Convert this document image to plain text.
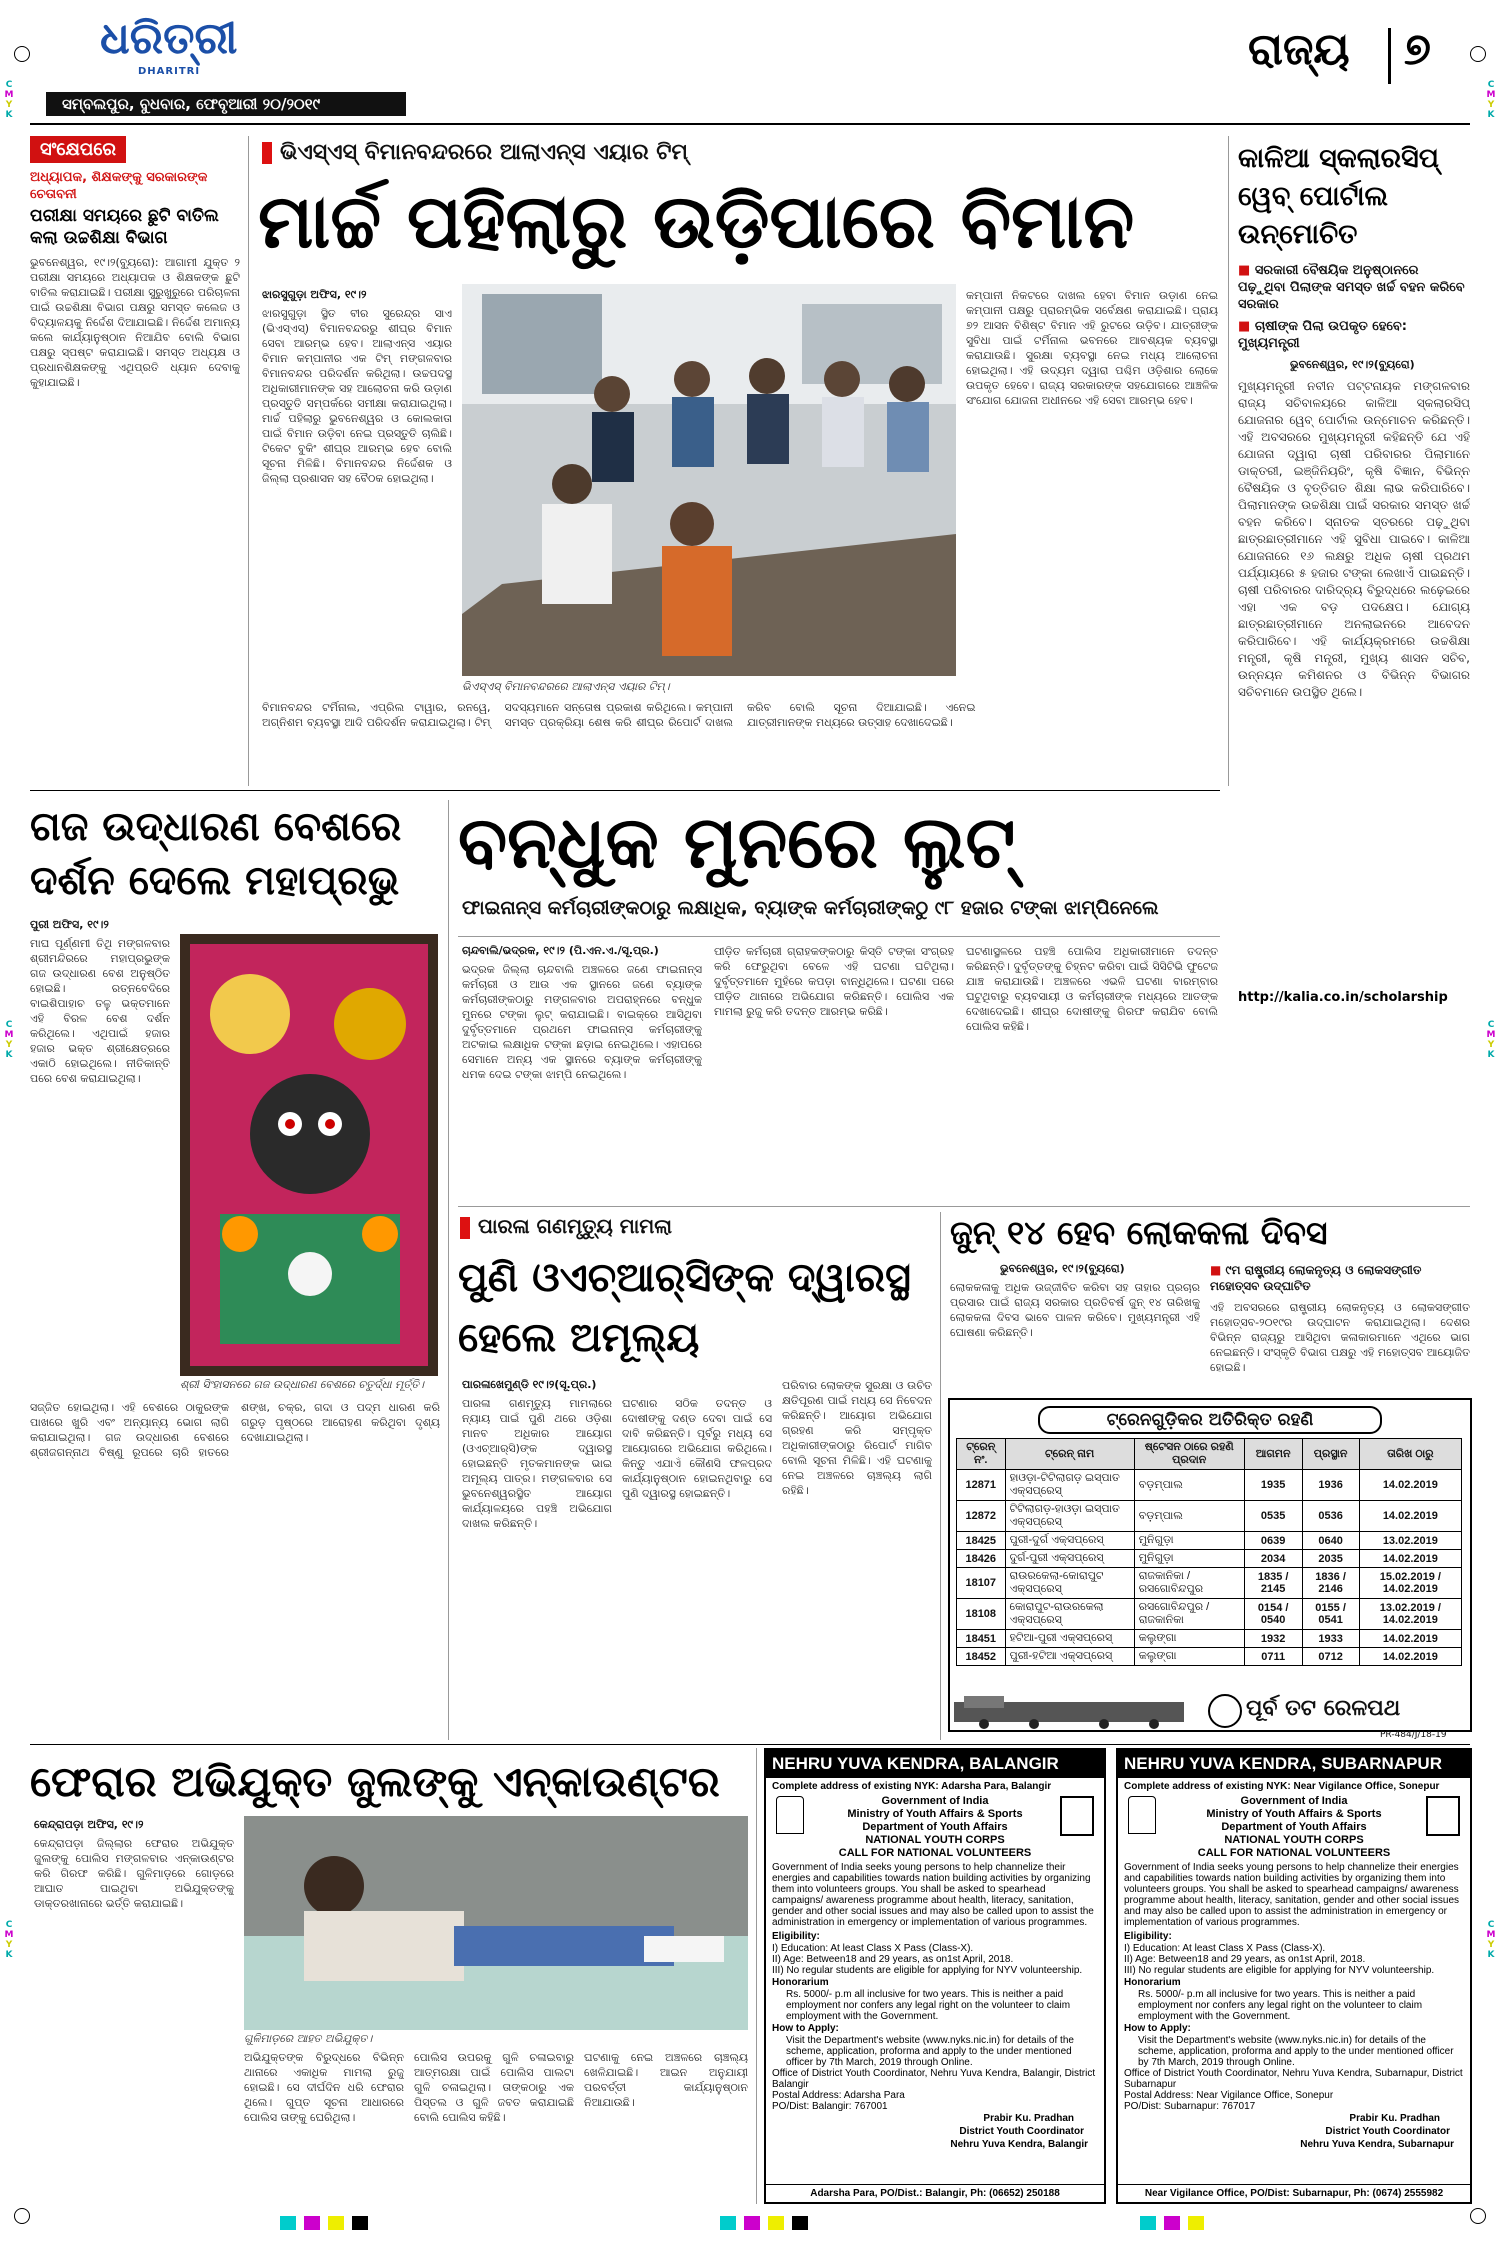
ଧରିତ୍ରୀ
DHARITRI
ସମ୍ବଲପୁର, ବୁଧବାର, ଫେବୃଆରୀ ୨୦/୨୦୧୯
ରାଜ୍ୟ ୭
C
M
Y
K
C
M
Y
K
C
M
Y
K
C
M
Y
K
C
M
Y
K
C
M
Y
K
ସଂକ୍ଷେପରେ
ଅଧ୍ୟାପକ, ଶିକ୍ଷକଙ୍କୁ ସରକାରଙ୍କ ଚେତାବନୀ
ପରୀକ୍ଷା ସମୟରେ ଛୁଟି ବାତିଲ କଲା ଉଚ୍ଚଶିକ୍ଷା ବିଭାଗ
ଭୁବନେଶ୍ୱର, ୧୯।୨(ବ୍ୟୁରୋ): ଆଗାମୀ ଯୁକ୍ତ ୨ ପରୀକ୍ଷା ସମୟରେ ଅଧ୍ୟାପକ ଓ ଶିକ୍ଷକଙ୍କ ଛୁଟି ବାତିଲ କରାଯାଇଛି। ପରୀକ୍ଷା ସୁରୁଖୁରୁରେ ପରିଚାଳନା ପାଇଁ ଉଚ୍ଚଶିକ୍ଷା ବିଭାଗ ପକ୍ଷରୁ ସମସ୍ତ କଲେଜ ଓ ବିଦ୍ୟାଳୟକୁ ନିର୍ଦ୍ଦେଶ ଦିଆଯାଇଛି। ନିର୍ଦ୍ଦେଶ ଅମାନ୍ୟ କଲେ କାର୍ଯ୍ୟାନୁଷ୍ଠାନ ନିଆଯିବ ବୋଲି ବିଭାଗ ପକ୍ଷରୁ ସ୍ପଷ୍ଟ କରାଯାଇଛି। ସମସ୍ତ ଅଧ୍ୟକ୍ଷ ଓ ପ୍ରଧାନଶିକ୍ଷକଙ୍କୁ ଏଥିପ୍ରତି ଧ୍ୟାନ ଦେବାକୁ କୁହାଯାଇଛି।
ଭିଏସ୍‌ଏସ୍ ବିମାନବନ୍ଦରରେ ଆଲାଏନ୍ସ ଏୟାର ଟିମ୍
ମାର୍ଚ୍ଚ ପହିଲାରୁ ଉଡ଼ିପାରେ ବିମାନ
ଝାରସୁଗୁଡ଼ା ଅଫିସ, ୧୯।୨
ଝାରସୁଗୁଡ଼ା ସ୍ଥିତ ବୀର ସୁରେନ୍ଦ୍ର ସାଏ (ଭିଏସ୍‌ଏସ୍) ବିମାନବନ୍ଦରରୁ ଶୀଘ୍ର ବିମାନ ସେବା ଆରମ୍ଭ ହେବ। ଆଲାଏନ୍ସ ଏୟାର ବିମାନ କମ୍ପାନୀର ଏକ ଟିମ୍ ମଙ୍ଗଳବାର ବିମାନବନ୍ଦର ପରିଦର୍ଶନ କରିଥିଲା। ଉଚ୍ଚପଦସ୍ଥ ଅଧିକାରୀମାନଙ୍କ ସହ ଆଲୋଚନା କରି ଉଡ଼ାଣ ପ୍ରସ୍ତୁତି ସମ୍ପର୍କରେ ସମୀକ୍ଷା କରାଯାଇଥିଲା। ମାର୍ଚ୍ଚ ପହିଲାରୁ ଭୁବନେଶ୍ୱର ଓ କୋଲକାତା ପାଇଁ ବିମାନ ଉଡ଼ିବା ନେଇ ପ୍ରସ୍ତୁତି ଚାଲିଛି। ଟିକେଟ ବୁକିଂ ଶୀଘ୍ର ଆରମ୍ଭ ହେବ ବୋଲି ସୂଚନା ମିଳିଛି। ବିମାନବନ୍ଦର ନିର୍ଦ୍ଦେଶକ ଓ ଜିଲ୍ଲା ପ୍ରଶାସନ ସହ ବୈଠକ ହୋଇଥିଲା।
ଭିଏସ୍‌ଏସ୍ ବିମାନବନ୍ଦରରେ ଆଲାଏନ୍ସ ଏୟାର ଟିମ୍।
କମ୍ପାନୀ ନିକଟରେ ଦାଖଲ ହେବା ବିମାନ ଉଡ଼ାଣ ନେଇ କମ୍ପାନୀ ପକ୍ଷରୁ ପ୍ରାରମ୍ଭିକ ସର୍ବେକ୍ଷଣ କରାଯାଇଛି। ପ୍ରାୟ ୭୨ ଆସନ ବିଶିଷ୍ଟ ବିମାନ ଏହି ରୁଟରେ ଉଡ଼ିବ। ଯାତ୍ରୀଙ୍କ ସୁବିଧା ପାଇଁ ଟର୍ମିନାଲ ଭବନରେ ଆବଶ୍ୟକ ବ୍ୟବସ୍ଥା କରାଯାଉଛି। ସୁରକ୍ଷା ବ୍ୟବସ୍ଥା ନେଇ ମଧ୍ୟ ଆଲୋଚନା ହୋଇଥିଲା। ଏହି ଉଦ୍ୟମ ଦ୍ୱାରା ପଶ୍ଚିମ ଓଡ଼ିଶାର ଲୋକେ ଉପକୃତ ହେବେ। ରାଜ୍ୟ ସରକାରଙ୍କ ସହଯୋଗରେ ଆଞ୍ଚଳିକ ସଂଯୋଗ ଯୋଜନା ଅଧୀନରେ ଏହି ସେବା ଆରମ୍ଭ ହେବ।
ବିମାନବନ୍ଦର ଟର୍ମିନାଲ, ଏପ୍ରିଲ ଟାୱାର, ରନୱେ, ଅଗ୍ନିଶମ ବ୍ୟବସ୍ଥା ଆଦି ପରିଦର୍ଶନ କରାଯାଇଥିଲା। ଟିମ୍ ସଦସ୍ୟମାନେ ସନ୍ତୋଷ ପ୍ରକାଶ କରିଥିଲେ। କମ୍ପାନୀ ସମସ୍ତ ପ୍ରକ୍ରିୟା ଶେଷ କରି ଶୀଘ୍ର ରିପୋର୍ଟ ଦାଖଲ କରିବ ବୋଲି ସୂଚନା ଦିଆଯାଇଛି। ଏନେଇ ଯାତ୍ରୀମାନଙ୍କ ମଧ୍ୟରେ ଉତ୍ସାହ ଦେଖାଦେଇଛି।
କାଳିଆ ସ୍କଲାରସିପ୍ ୱେବ୍ ପୋର୍ଟାଲ ଉନ୍ମୋଚିତ
■ ସରକାରୀ ବୈଷୟିକ ଅନୁଷ୍ଠାନରେ ପଢ଼ୁଥିବା ପିଲାଙ୍କ ସମସ୍ତ ଖର୍ଚ୍ଚ ବହନ କରିବେ ସରକାର
■ ଚାଷୀଙ୍କ ପିଲା ଉପକୃତ ହେବେ: ମୁଖ୍ୟମନ୍ତ୍ରୀ
ଭୁବନେଶ୍ୱର, ୧୯।୨(ବ୍ୟୁରୋ)
ମୁଖ୍ୟମନ୍ତ୍ରୀ ନବୀନ ପଟ୍ଟନାୟକ ମଙ୍ଗଳବାର ରାଜ୍ୟ ସଚିବାଳୟରେ କାଳିଆ ସ୍କଲାରସିପ୍ ଯୋଜନାର ୱେବ୍ ପୋର୍ଟାଲ ଉନ୍ମୋଚନ କରିଛନ୍ତି। ଏହି ଅବସରରେ ମୁଖ୍ୟମନ୍ତ୍ରୀ କହିଛନ୍ତି ଯେ ଏହି ଯୋଜନା ଦ୍ୱାରା ଚାଷୀ ପରିବାରର ପିଲାମାନେ ଡାକ୍ତରୀ, ଇଞ୍ଜିନିୟରିଂ, କୃଷି ବିଜ୍ଞାନ, ବିଭିନ୍ନ ବୈଷୟିକ ଓ ବୃତ୍ତିଗତ ଶିକ୍ଷା ଲାଭ କରିପାରିବେ। ପିଲାମାନଙ୍କ ଉଚ୍ଚଶିକ୍ଷା ପାଇଁ ସରକାର ସମସ୍ତ ଖର୍ଚ୍ଚ ବହନ କରିବେ। ସ୍ନାତକ ସ୍ତରରେ ପଢ଼ୁଥିବା ଛାତ୍ରଛାତ୍ରୀମାନେ ଏହି ସୁବିଧା ପାଇବେ। କାଳିଆ ଯୋଜନାରେ ୧୬ ଲକ୍ଷରୁ ଅଧିକ ଚାଷୀ ପ୍ରଥମ ପର୍ଯ୍ୟାୟରେ ୫ ହଜାର ଟଙ୍କା ଲେଖାଏଁ ପାଇଛନ୍ତି। ଚାଷୀ ପରିବାରର ଦାରିଦ୍ର୍ୟ ବିରୁଦ୍ଧରେ ଲଢ଼େଇରେ ଏହା ଏକ ବଡ଼ ପଦକ୍ଷେପ। ଯୋଗ୍ୟ ଛାତ୍ରଛାତ୍ରୀମାନେ ଅନଲାଇନରେ ଆବେଦନ କରିପାରିବେ। ଏହି କାର୍ଯ୍ୟକ୍ରମରେ ଉଚ୍ଚଶିକ୍ଷା ମନ୍ତ୍ରୀ, କୃଷି ମନ୍ତ୍ରୀ, ମୁଖ୍ୟ ଶାସନ ସଚିବ, ଉନ୍ନୟନ କମିଶନର ଓ ବିଭିନ୍ନ ବିଭାଗର ସଚିବମାନେ ଉପସ୍ଥିତ ଥିଲେ।
http://kalia.co.in/scholarship
ଗଜ ଉଦ୍ଧାରଣ ବେଶରେ ଦର୍ଶନ ଦେଲେ ମହାପ୍ରଭୁ
ପୁରୀ ଅଫିସ, ୧୯।୨
ମାଘ ପୂର୍ଣ୍ଣମୀ ତିଥି ମଙ୍ଗଳବାର ଶ୍ରୀମନ୍ଦିରରେ ମହାପ୍ରଭୁଙ୍କ ଗଜ ଉଦ୍ଧାରଣ ବେଶ ଅନୁଷ୍ଠିତ ହୋଇଛି। ରତ୍ନବେଦିରେ ବାଇଶିପାହାଚ ତଳୁ ଭକ୍ତମାନେ ଏହି ବିରଳ ବେଶ ଦର୍ଶନ କରିଥିଲେ। ଏଥିପାଇଁ ହଜାର ହଜାର ଭକ୍ତ ଶ୍ରୀକ୍ଷେତ୍ରରେ ଏକାଠି ହୋଇଥିଲେ। ନୀତିକାନ୍ତି ପରେ ବେଶ କରାଯାଇଥିଲା।
ଶ୍ରୀ ସିଂହାସନରେ ଗଜ ଉଦ୍ଧାରଣ ବେଶରେ ଚତୁର୍ଦ୍ଧା ମୂର୍ତ୍ତି।
ସଜ୍ଜିତ ହୋଇଥିଲା। ଏହି ବେଶରେ ଠାକୁରଙ୍କ ପାଖରେ ଖୁରି ଏବଂ ଅନ୍ୟାନ୍ୟ ଭୋଗ ଲାଗି କରାଯାଇଥିଲା। ଗଜ ଉଦ୍ଧାରଣ ବେଶରେ ଶ୍ରୀଜଗନ୍ନାଥ ବିଷ୍ଣୁ ରୂପରେ ଚାରି ହାତରେ ଶଙ୍ଖ, ଚକ୍ର, ଗଦା ଓ ପଦ୍ମ ଧାରଣ କରି ଗରୁଡ଼ ପୃଷ୍ଠରେ ଆରୋହଣ କରିଥିବା ଦୃଶ୍ୟ ଦେଖାଯାଇଥିଲା।
ବନ୍ଧୁକ ମୁନରେ ଲୁଟ୍
ଫାଇନାନ୍ସ କର୍ମଚାରୀଙ୍କଠାରୁ ଲକ୍ଷାଧିକ, ବ୍ୟାଙ୍କ କର୍ମଚାରୀଙ୍କଠୁ ୯୮ ହଜାର ଟଙ୍କା ଝାମ୍ପିନେଲେ
ଚାନ୍ଦବାଲି/ଭଦ୍ରକ, ୧୯।୨ (ପି.ଏନ.ଏ./ସୂ.ପ୍ର.)
ଭଦ୍ରକ ଜିଲ୍ଲା ଚାନ୍ଦବାଲି ଅଞ୍ଚଳରେ ଜଣେ ଫାଇନାନ୍ସ କର୍ମଚାରୀ ଓ ଆଉ ଏକ ସ୍ଥାନରେ ଜଣେ ବ୍ୟାଙ୍କ କର୍ମଚାରୀଙ୍କଠାରୁ ମଙ୍ଗଳବାର ଅପରାହ୍ନରେ ବନ୍ଧୁକ ମୁନରେ ଟଙ୍କା ଲୁଟ୍ କରାଯାଇଛି। ବାଇକ୍‌ରେ ଆସିଥିବା ଦୁର୍ବୃତ୍ତମାନେ ପ୍ରଥମେ ଫାଇନାନ୍ସ କର୍ମଚାରୀଙ୍କୁ ଅଟକାଇ ଲକ୍ଷାଧିକ ଟଙ୍କା ଛଡ଼ାଇ ନେଇଥିଲେ। ଏହାପରେ ସେମାନେ ଅନ୍ୟ ଏକ ସ୍ଥାନରେ ବ୍ୟାଙ୍କ କର୍ମଚାରୀଙ୍କୁ ଧମକ ଦେଇ ଟଙ୍କା ଝାମ୍ପି ନେଇଥିଲେ।
ପୀଡ଼ିତ କର୍ମଚାରୀ ଗ୍ରାହକଙ୍କଠାରୁ କିସ୍ତି ଟଙ୍କା ସଂଗ୍ରହ କରି ଫେରୁଥିବା ବେଳେ ଏହି ଘଟଣା ଘଟିଥିଲା। ଦୁର୍ବୃତ୍ତମାନେ ମୁହଁରେ କପଡ଼ା ବାନ୍ଧିଥିଲେ। ଘଟଣା ପରେ ପୀଡ଼ିତ ଥାନାରେ ଅଭିଯୋଗ କରିଛନ୍ତି। ପୋଲିସ ଏକ ମାମଲା ରୁଜୁ କରି ତଦନ୍ତ ଆରମ୍ଭ କରିଛି।
ଘଟଣାସ୍ଥଳରେ ପହଞ୍ଚି ପୋଲିସ ଅଧିକାରୀମାନେ ତଦନ୍ତ କରିଛନ୍ତି। ଦୁର୍ବୃତ୍ତଙ୍କୁ ଚିହ୍ନଟ କରିବା ପାଇଁ ସିସିଟିଭି ଫୁଟେଜ ଯାଞ୍ଚ କରାଯାଉଛି। ଅଞ୍ଚଳରେ ଏଭଳି ଘଟଣା ବାରମ୍ବାର ଘଟୁଥିବାରୁ ବ୍ୟବସାୟୀ ଓ କର୍ମଚାରୀଙ୍କ ମଧ୍ୟରେ ଆତଙ୍କ ଦେଖାଦେଇଛି। ଶୀଘ୍ର ଦୋଷୀଙ୍କୁ ଗିରଫ କରାଯିବ ବୋଲି ପୋଲିସ କହିଛି।
ପାରଳା ଗଣମୃତ୍ୟୁ ମାମଲା
ପୁଣି ଓଏଚ୍‌ଆର୍‌ସିଙ୍କ ଦ୍ୱାରସ୍ଥ ହେଲେ ଅମୂଲ୍ୟ
ପାରଳାଖେମୁଣ୍ଡି ୧୯।୨(ସୂ.ପ୍ର.)
ପାରଳା ଗଣମୃତ୍ୟୁ ମାମଲାରେ ନ୍ୟାୟ ପାଇଁ ପୁଣି ଥରେ ଓଡ଼ିଶା ମାନବ ଅଧିକାର ଆୟୋଗ (ଓଏଚ୍‌ଆର୍‌ସି)ଙ୍କ ଦ୍ୱାରସ୍ଥ ହୋଇଛନ୍ତି ମୃତକମାନଙ୍କ ଭାଇ ଅମୂଲ୍ୟ ପାତ୍ର। ମଙ୍ଗଳବାର ସେ ଭୁବନେଶ୍ୱରସ୍ଥିତ ଆୟୋଗ କାର୍ଯ୍ୟାଳୟରେ ପହଞ୍ଚି ଅଭିଯୋଗ ଦାଖଲ କରିଛନ୍ତି।
ଘଟଣାର ସଠିକ ତଦନ୍ତ ଓ ଦୋଷୀଙ୍କୁ ଦଣ୍ଡ ଦେବା ପାଇଁ ସେ ଦାବି କରିଛନ୍ତି। ପୂର୍ବରୁ ମଧ୍ୟ ସେ ଆୟୋଗରେ ଅଭିଯୋଗ କରିଥିଲେ। କିନ୍ତୁ ଏଯାଏଁ କୌଣସି ଫଳପ୍ରଦ କାର୍ଯ୍ୟାନୁଷ୍ଠାନ ହୋଇନଥିବାରୁ ସେ ପୁଣି ଦ୍ୱାରସ୍ଥ ହୋଇଛନ୍ତି।
ପରିବାର ଲୋକଙ୍କ ସୁରକ୍ଷା ଓ ଉଚିତ କ୍ଷତିପୂରଣ ପାଇଁ ମଧ୍ୟ ସେ ନିବେଦନ କରିଛନ୍ତି। ଆୟୋଗ ଅଭିଯୋଗ ଗ୍ରହଣ କରି ସମ୍ପୃକ୍ତ ଅଧିକାରୀଙ୍କଠାରୁ ରିପୋର୍ଟ ମାଗିବ ବୋଲି ସୂଚନା ମିଳିଛି। ଏହି ଘଟଣାକୁ ନେଇ ଅଞ୍ଚଳରେ ଚାଞ୍ଚଲ୍ୟ ଲାଗି ରହିଛି।
ଜୁନ୍ ୧୪ ହେବ ଲୋକକଳା ଦିବସ
ଭୁବନେଶ୍ୱର, ୧୯।୨(ବ୍ୟୁରୋ)
ଲୋକକଳାକୁ ଅଧିକ ଉଜ୍ଜୀବିତ କରିବା ସହ ତାହାର ପ୍ରଚାର ପ୍ରସାର ପାଇଁ ରାଜ୍ୟ ସରକାର ପ୍ରତିବର୍ଷ ଜୁନ୍ ୧୪ ତାରିଖକୁ ଲୋକକଳା ଦିବସ ଭାବେ ପାଳନ କରିବେ। ମୁଖ୍ୟମନ୍ତ୍ରୀ ଏହି ଘୋଷଣା କରିଛନ୍ତି।
■ ୯ମ ରାଷ୍ଟ୍ରୀୟ ଲୋକନୃତ୍ୟ ଓ ଲୋକସଙ୍ଗୀତ ମହୋତ୍ସବ ଉଦ୍‌ଘାଟିତ
ଏହି ଅବସରରେ ରାଷ୍ଟ୍ରୀୟ ଲୋକନୃତ୍ୟ ଓ ଲୋକସଙ୍ଗୀତ ମହୋତ୍ସବ-୨୦୧୯ର ଉଦ୍‌ଘାଟନ କରାଯାଇଥିଲା। ଦେଶର ବିଭିନ୍ନ ରାଜ୍ୟରୁ ଆସିଥିବା କଳାକାରମାନେ ଏଥିରେ ଭାଗ ନେଇଛନ୍ତି। ସଂସ୍କୃତି ବିଭାଗ ପକ୍ଷରୁ ଏହି ମହୋତ୍ସବ ଆୟୋଜିତ ହୋଇଛି।
ଟ୍ରେନଗୁଡ଼ିକର ଅତିରିକ୍ତ ରହଣି
ଟ୍ରେନ୍ ନଂ.	ଟ୍ରେନ୍ ନାମ	ଷ୍ଟେସନ ଠାରେ ରହଣି ପ୍ରଦାନ	ଆଗମନ	ପ୍ରସ୍ଥାନ	ତାରିଖ ଠାରୁ
12871	ହାଓଡ଼ା-ଟିଟିଲାଗଡ଼ ଇସ୍ପାତ ଏକ୍ସପ୍ରେସ୍	ବଡ଼ମ୍ପାଲ	1935	1936	14.02.2019
12872	ଟିଟିଲାଗଡ଼-ହାଓଡ଼ା ଇସ୍ପାତ ଏକ୍ସପ୍ରେସ୍	ବଡ଼ମ୍ପାଲ	0535	0536	14.02.2019
18425	ପୁରୀ-ଦୁର୍ଗ ଏକ୍ସପ୍ରେସ୍	ମୁନିଗୁଡ଼ା	0639	0640	13.02.2019
18426	ଦୁର୍ଗ-ପୁରୀ ଏକ୍ସପ୍ରେସ୍	ମୁନିଗୁଡ଼ା	2034	2035	14.02.2019
18107	ରାଉରକେଲା-କୋରାପୁଟ ଏକ୍ସପ୍ରେସ୍	ରାଜକାନିକା / ରସଗୋବିନ୍ଦପୁର	1835 / 2145	1836 / 2146	15.02.2019 / 14.02.2019
18108	କୋରାପୁଟ-ରାଉରକେଲା ଏକ୍ସପ୍ରେସ୍	ରସଗୋବିନ୍ଦପୁର / ରାଜକାନିକା	0154 / 0540	0155 / 0541	13.02.2019 / 14.02.2019
18451	ହଟିଆ-ପୁରୀ ଏକ୍ସପ୍ରେସ୍	କଲୁଙ୍ଗା	1932	1933	14.02.2019
18452	ପୁରୀ-ହଟିଆ ଏକ୍ସପ୍ରେସ୍	କଲୁଙ୍ଗା	0711	0712	14.02.2019
ପୂର୍ବ ତଟ ରେଳପଥ
PR-484/J/18-19
ଫେରାର ଅଭିଯୁକ୍ତ ଜୁଲଙ୍କୁ ଏନ୍‌କାଉଣ୍ଟର
କେନ୍ଦ୍ରାପଡ଼ା ଅଫିସ, ୧୯।୨
କେନ୍ଦ୍ରାପଡ଼ା ଜିଲ୍ଲାର ଫେରାର ଅଭିଯୁକ୍ତ ଜୁଲଙ୍କୁ ପୋଲିସ ମଙ୍ଗଳବାର ଏନ୍‌କାଉଣ୍ଟର କରି ଗିରଫ କରିଛି। ଗୁଳିମାଡ଼ରେ ଗୋଡ଼ରେ ଆଘାତ ପାଇଥିବା ଅଭିଯୁକ୍ତଙ୍କୁ ଡାକ୍ତରଖାନାରେ ଭର୍ତ୍ତି କରାଯାଇଛି।
ଗୁଳିମାଡ଼ରେ ଆହତ ଅଭିଯୁକ୍ତ।
ଅଭିଯୁକ୍ତଙ୍କ ବିରୁଦ୍ଧରେ ବିଭିନ୍ନ ଥାନାରେ ଏକାଧିକ ମାମଲା ରୁଜୁ ହୋଇଛି। ସେ ଦୀର୍ଘଦିନ ଧରି ଫେରାର ଥିଲେ। ଗୁପ୍ତ ସୂଚନା ଆଧାରରେ ପୋଲିସ ତାଙ୍କୁ ଘେରିଥିଲା।
ପୋଲିସ ଉପରକୁ ଗୁଳି ଚଳାଇବାରୁ ଆତ୍ମରକ୍ଷା ପାଇଁ ପୋଲିସ ପାଲଟା ଗୁଳି ଚଳାଇଥିଲା। ତାଙ୍କଠାରୁ ଏକ ପିସ୍ତଲ ଓ ଗୁଳି ଜବତ କରାଯାଇଛି ବୋଲି ପୋଲିସ କହିଛି।
ଘଟଣାକୁ ନେଇ ଅଞ୍ଚଳରେ ଚାଞ୍ଚଲ୍ୟ ଖେଳିଯାଇଛି। ଆଇନ ଅନୁଯାୟୀ ପରବର୍ତ୍ତୀ କାର୍ଯ୍ୟାନୁଷ୍ଠାନ ନିଆଯାଉଛି।
NEHRU YUVA KENDRA, BALANGIR
Complete address of existing NYK: Adarsha Para, Balangir
Government of India
Ministry of Youth Affairs & Sports
Department of Youth Affairs
NATIONAL YOUTH CORPS
CALL FOR NATIONAL VOLUNTEERS
Government of India seeks young persons to help channelize their energies and capabilities towards nation building activities by organizing them into volunteers groups. You shall be asked to spearhead campaigns/ awareness programme about health, literacy, sanitation, gender and other social issues and may also be called upon to assist the administration in emergency or implementation of various programmes.
Eligibility:
I) Education: At least Class X Pass (Class-X).
II) Age: Between18 and 29 years, as on1st April, 2018.
III) No regular students are eligible for applying for NYV volunteership.
Honorarium
Rs. 5000/- p.m all inclusive for two years. This is neither a paid employment nor confers any legal right on the volunteer to claim employment with the Government.
How to Apply:
Visit the Department's website (www.nyks.nic.in) for details of the scheme, application, proforma and apply to the under mentioned officer by 7th March, 2019 through Online.
Office of District Youth Coordinator, Nehru Yuva Kendra, Balangir, District Balangir
Postal Address: Adarsha Para
PO/Dist: Balangir: 767001
Prabir Ku. Pradhan
District Youth Coordinator
Nehru Yuva Kendra, Balangir
Adarsha Para, PO/Dist.: Balangir, Ph: (06652) 250188
NEHRU YUVA KENDRA, SUBARNAPUR
Complete address of existing NYK: Near Vigilance Office, Sonepur
Government of India
Ministry of Youth Affairs & Sports
Department of Youth Affairs
NATIONAL YOUTH CORPS
CALL FOR NATIONAL VOLUNTEERS
Government of India seeks young persons to help channelize their energies and capabilities towards nation building activities by organizing them into volunteers groups. You shall be asked to spearhead campaigns/ awareness programme about health, literacy, sanitation, gender and other social issues and may also be called upon to assist the administration in emergency or implementation of various programmes.
Eligibility:
I) Education: At least Class X Pass (Class-X).
II) Age: Between18 and 29 years, as on1st April, 2018.
III) No regular students are eligible for applying for NYV volunteership.
Honorarium
Rs. 5000/- p.m all inclusive for two years. This is neither a paid employment nor confers any legal right on the volunteer to claim employment with the Government.
How to Apply:
Visit the Department's website (www.nyks.nic.in) for details of the scheme, application, proforma and apply to the under mentioned officer by 7th March, 2019 through Online.
Office of District Youth Coordinator, Nehru Yuva Kendra, Subarnapur, District Subarnapur
Postal Address: Near Vigilance Office, Sonepur
PO/Dist: Subarnapur: 767017
Prabir Ku. Pradhan
District Youth Coordinator
Nehru Yuva Kendra, Subarnapur
Near Vigilance Office, PO/Dist: Subarnapur, Ph: (0674) 2555982
